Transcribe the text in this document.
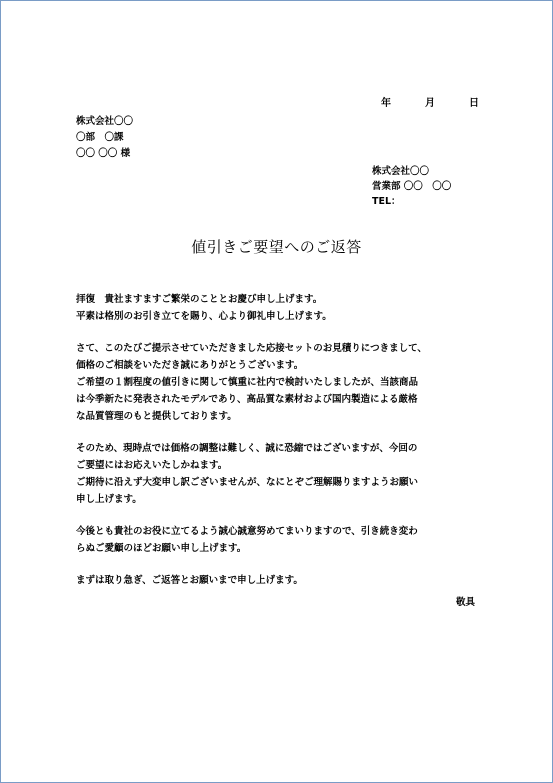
年	月	日
株式会社〇〇
〇部　〇課
〇〇 〇〇 様
株式会社〇〇
営業部 〇〇　〇〇
TEL：
値引きご要望へのご返答
拝復　貴社ますますご繁栄のこととお慶び申し上げます。
平素は格別のお引き立てを賜り、心より御礼申し上げます。
さて、このたびご提示させていただきました応接セットのお見積りにつきまして、
価格のご相談をいただき誠にありがとうございます。
ご希望の１割程度の値引きに関して慎重に社内で検討いたしましたが、当該商品
は今季新たに発表されたモデルであり、高品質な素材および国内製造による厳格
な品質管理のもと提供しております。
そのため、現時点では価格の調整は難しく、誠に恐縮ではございますが、今回の
ご要望にはお応えいたしかねます。
ご期待に沿えず大変申し訳ございませんが、なにとぞご理解賜りますようお願い
申し上げます。
今後とも貴社のお役に立てるよう誠心誠意努めてまいりますので、引き続き変わ
らぬご愛顧のほどお願い申し上げます。
まずは取り急ぎ、ご返答とお願いまで申し上げます。
敬具
